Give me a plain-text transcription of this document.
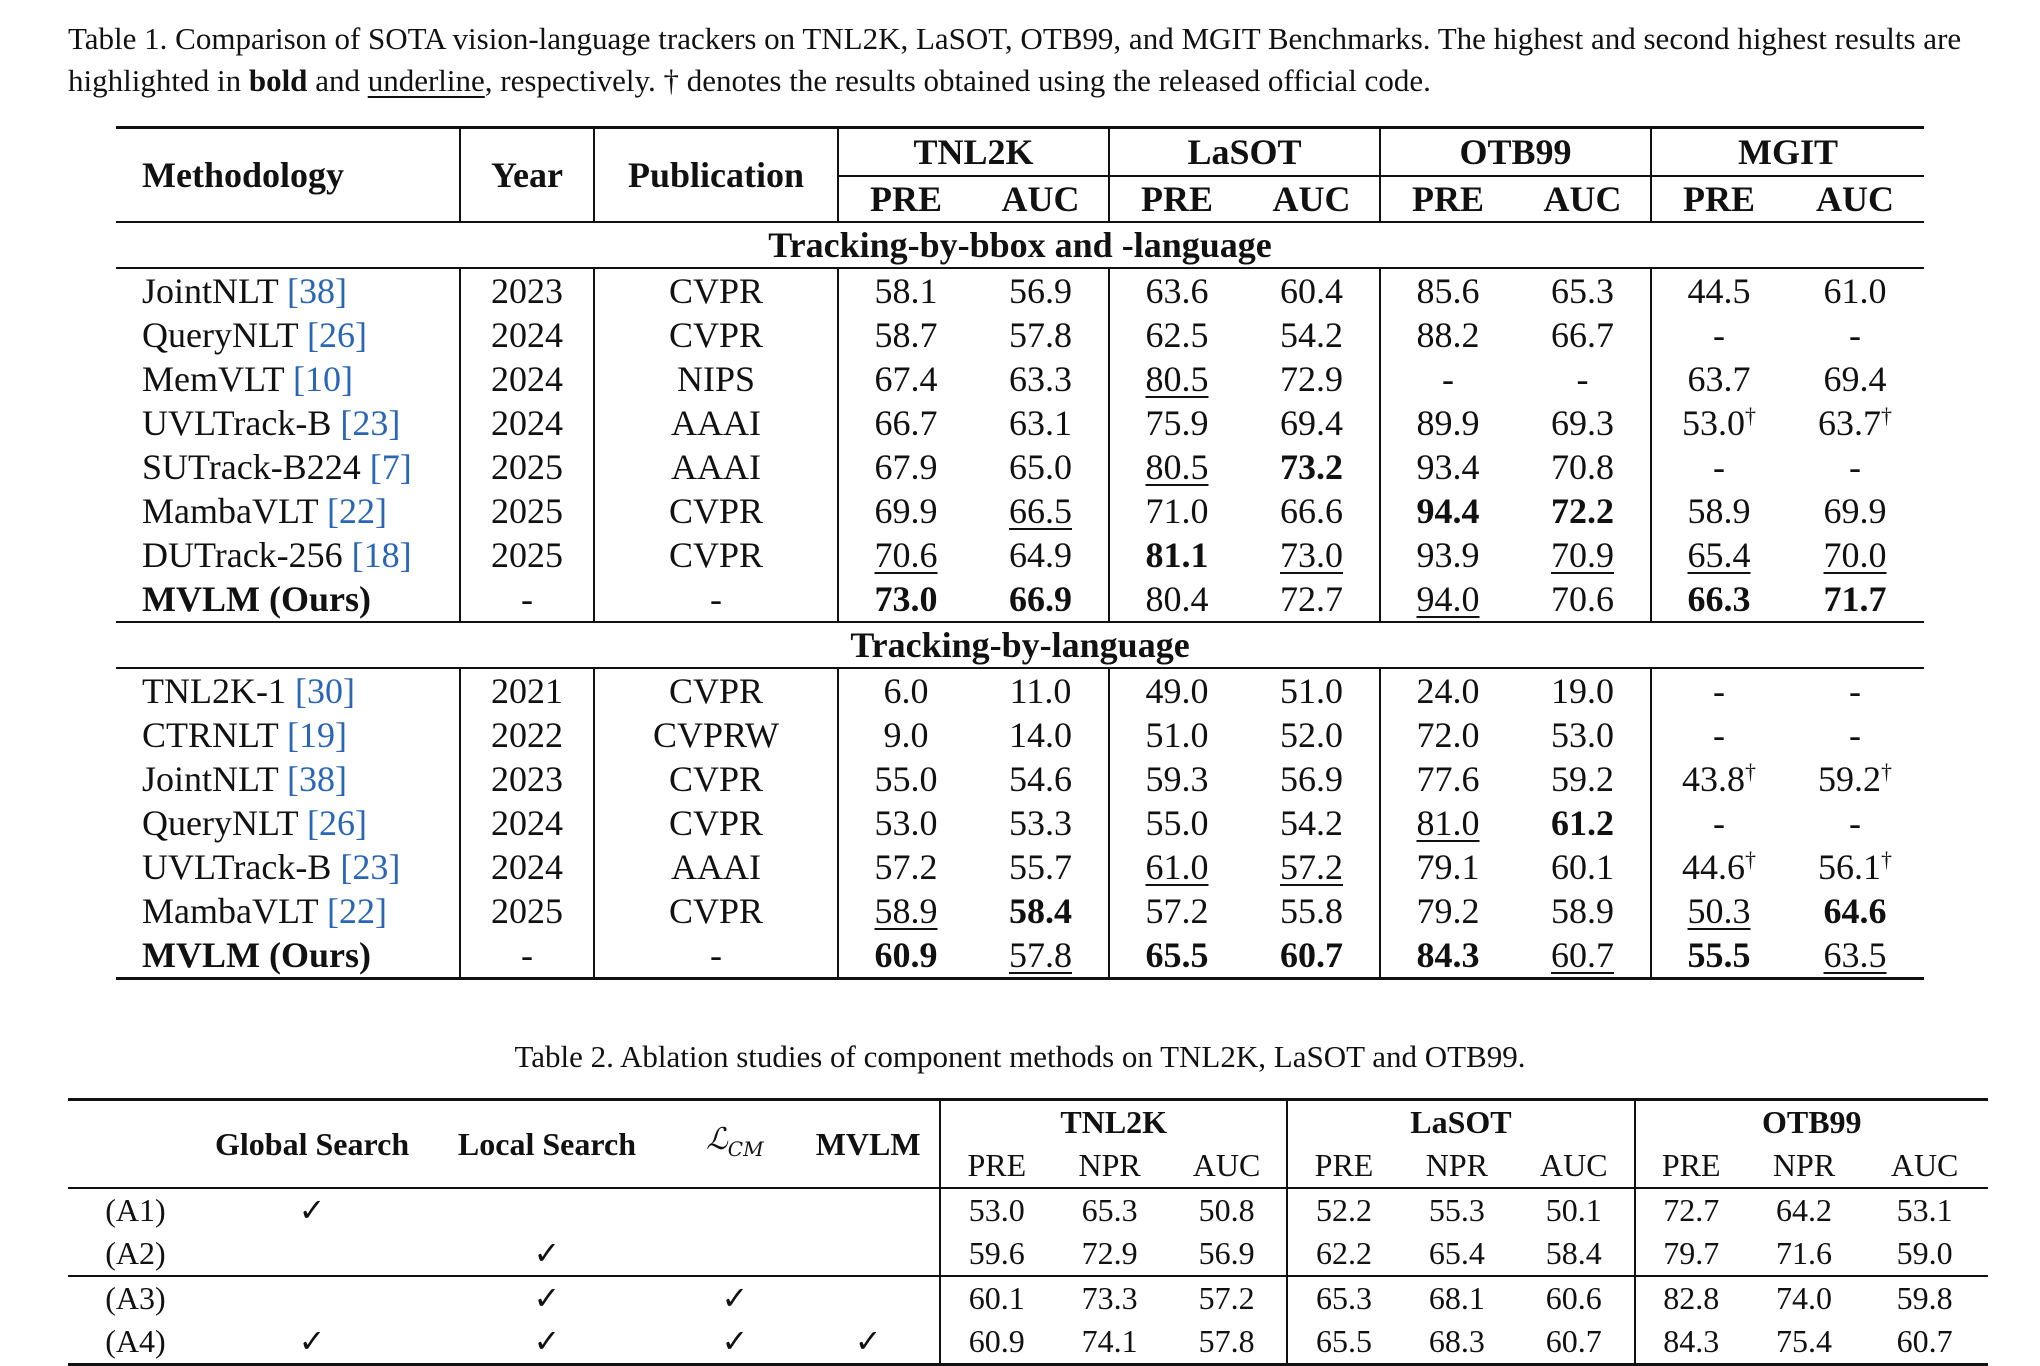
Table 1. Comparison of SOTA vision-language trackers on TNL2K, LaSOT, OTB99, and MGIT Benchmarks. The highest and second highest results are highlighted in bold and underline, respectively. † denotes the results obtained using the released official code.
Methodology	Year	Publication	TNL2K		LaSOT		OTB99		MGIT	
			PRE	AUC	PRE	AUC	PRE	AUC	PRE	AUC
Tracking-by-bbox and -language										
JointNLT [38]	2023	CVPR	58.1	56.9	63.6	60.4	85.6	65.3	44.5	61.0
QueryNLT [26]	2024	CVPR	58.7	57.8	62.5	54.2	88.2	66.7	-	-
MemVLT [10]	2024	NIPS	67.4	63.3	80.5	72.9	-	-	63.7	69.4
UVLTrack-B [23]	2024	AAAI	66.7	63.1	75.9	69.4	89.9	69.3	53.0†	63.7†
SUTrack-B224 [7]	2025	AAAI	67.9	65.0	80.5	73.2	93.4	70.8	-	-
MambaVLT [22]	2025	CVPR	69.9	66.5	71.0	66.6	94.4	72.2	58.9	69.9
DUTrack-256 [18]	2025	CVPR	70.6	64.9	81.1	73.0	93.9	70.9	65.4	70.0
MVLM (Ours)	-	-	73.0	66.9	80.4	72.7	94.0	70.6	66.3	71.7
Tracking-by-language										
TNL2K-1 [30]	2021	CVPR	6.0	11.0	49.0	51.0	24.0	19.0	-	-
CTRNLT [19]	2022	CVPRW	9.0	14.0	51.0	52.0	72.0	53.0	-	-
JointNLT [38]	2023	CVPR	55.0	54.6	59.3	56.9	77.6	59.2	43.8†	59.2†
QueryNLT [26]	2024	CVPR	53.0	53.3	55.0	54.2	81.0	61.2	-	-
UVLTrack-B [23]	2024	AAAI	57.2	55.7	61.0	57.2	79.1	60.1	44.6†	56.1†
MambaVLT [22]	2025	CVPR	58.9	58.4	57.2	55.8	79.2	58.9	50.3	64.6
MVLM (Ours)	-	-	60.9	57.8	65.5	60.7	84.3	60.7	55.5	63.5
Table 2. Ablation studies of component methods on TNL2K, LaSOT and OTB99.
	Global Search	Local Search	ℒ$_{CM}$	MVLM	TNL2K			LaSOT			OTB99		
					PRE	NPR	AUC	PRE	NPR	AUC	PRE	NPR	AUC
(A1)	✓				53.0	65.3	50.8	52.2	55.3	50.1	72.7	64.2	53.1
(A2)		✓			59.6	72.9	56.9	62.2	65.4	58.4	79.7	71.6	59.0
(A3)		✓	✓		60.1	73.3	57.2	65.3	68.1	60.6	82.8	74.0	59.8
(A4)	✓	✓	✓	✓	60.9	74.1	57.8	65.5	68.3	60.7	84.3	75.4	60.7
